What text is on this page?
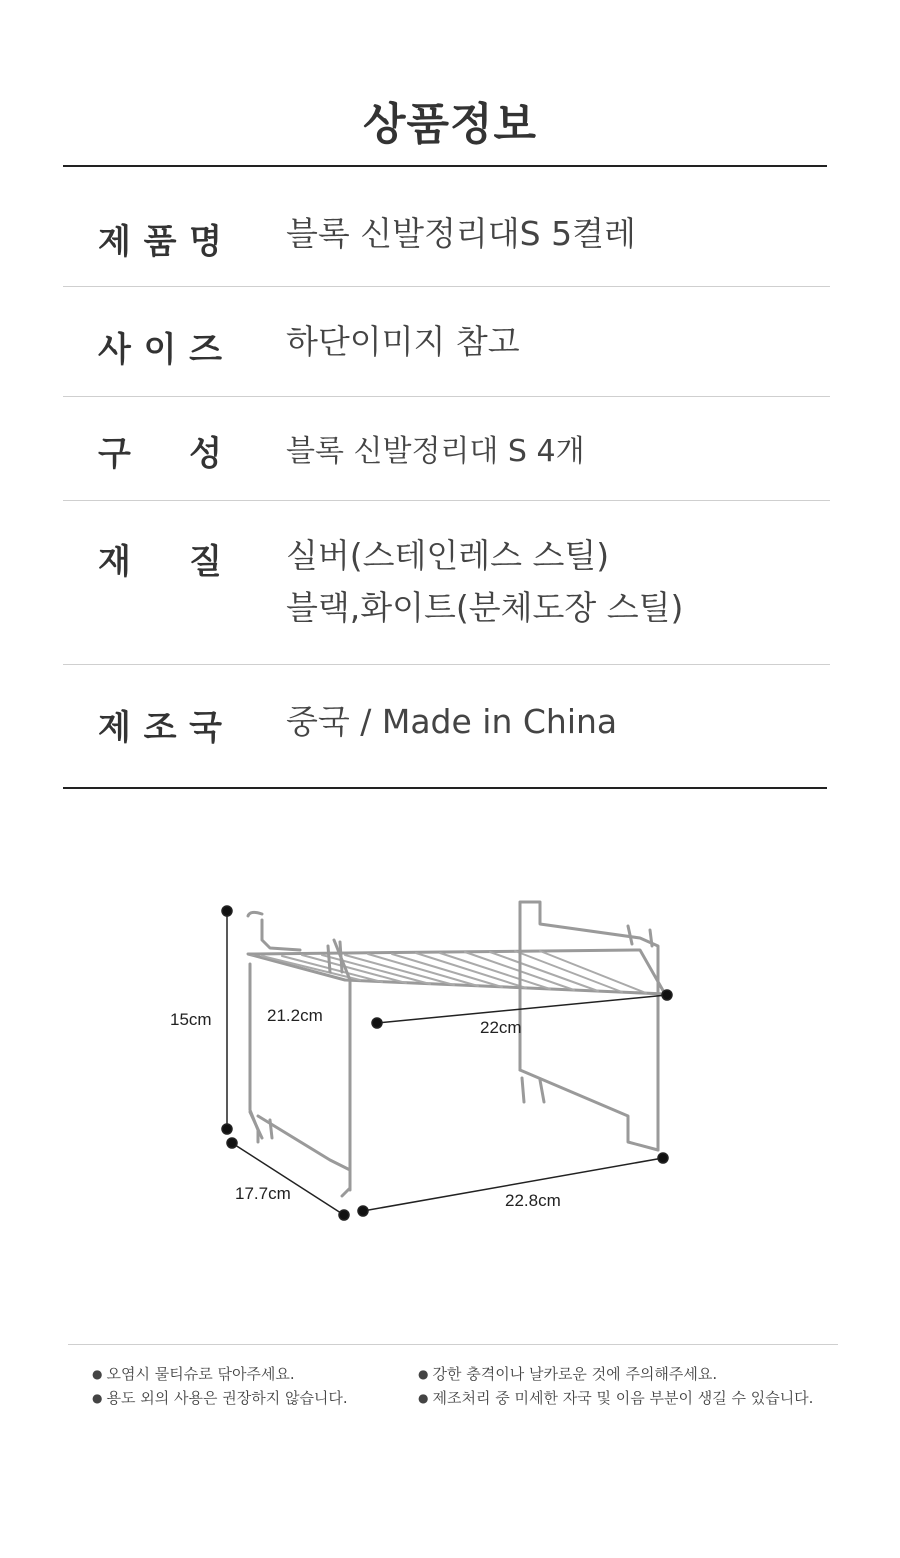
상품정보
제 품 명 블록 신발정리대S 5켤레
사 이 즈 하단이미지 참고
구 성 블록 신발정리대 S 4개
재 질 실버(스테인레스 스틸)
블랙,화이트(분체도장 스틸)
제 조 국 중국 / Made in China
15cm	21.2cm
22cm
17.7cm	22.8cm
● 오염시 물티슈로 닦아주세요.
● 용도 외의 사용은 권장하지 않습니다.
● 강한 충격이나 날카로운 것에 주의해주세요.
● 제조처리 중 미세한 자국 및 이음 부분이 생길 수 있습니다.
